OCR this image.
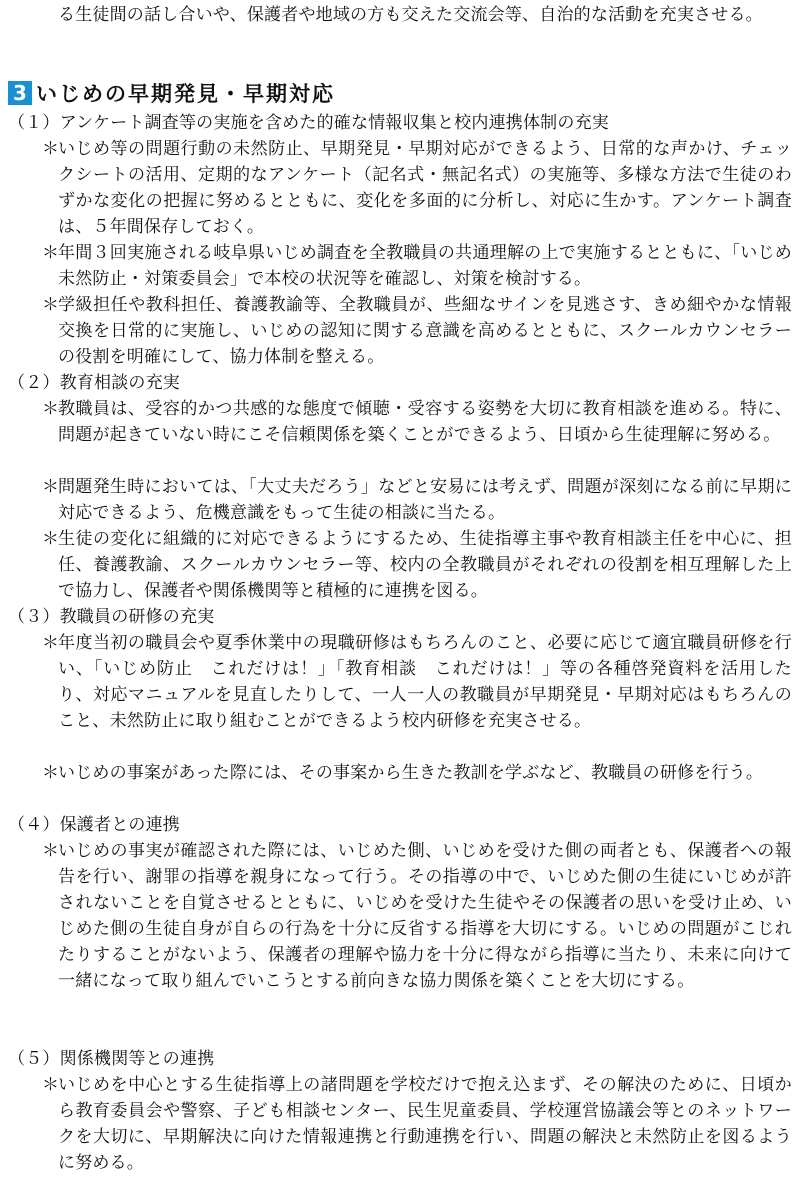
る生徒間の話し合いや、保護者や地域の方も交えた交流会等、自治的な活動を充実させる。
3 いじめの早期発見・早期対応
（１）アンケート調査等の実施を含めた的確な情報収集と校内連携体制の充実
＊ いじめ等の問題行動の未然防止、早期発見・早期対応ができるよう、日常的な声かけ、チェックシートの活用、定期的なアンケート（記名式・無記名式）の実施等、多様な方法で生徒のわずかな変化の把握に努めるとともに、変化を多面的に分析し、対応に生かす。アンケート調査は、５年間保存しておく。
＊ 年間３回実施される岐阜県いじめ調査を全教職員の共通理解の上で実施するとともに、「いじめ未然防止・対策委員会」で本校の状況等を確認し、対策を検討する。
＊ 学級担任や教科担任、養護教諭等、全教職員が、些細なサインを見逃さす、きめ細やかな情報交換を日常的に実施し、いじめの認知に関する意識を高めるとともに、スクールカウンセラーの役割を明確にして、協力体制を整える。
（２）教育相談の充実
＊ 教職員は、受容的かつ共感的な態度で傾聴・受容する姿勢を大切に教育相談を進める。特に、問題が起きていない時にこそ信頼関係を築くことができるよう、日頃から生徒理解に努める。
＊ 問題発生時においては、「大丈夫だろう」などと安易には考えず、問題が深刻になる前に早期に対応できるよう、危機意識をもって生徒の相談に当たる。
＊ 生徒の変化に組織的に対応できるようにするため、生徒指導主事や教育相談主任を中心に、担任、養護教諭、スクールカウンセラー等、校内の全教職員がそれぞれの役割を相互理解した上で協力し、保護者や関係機関等と積極的に連携を図る。
（３）教職員の研修の充実
＊ 年度当初の職員会や夏季休業中の現職研修はもちろんのこと、必要に応じて適宜職員研修を行い、「いじめ防止　これだけは！」「教育相談　これだけは！」等の各種啓発資料を活用したり、対応マニュアルを見直したりして、一人一人の教職員が早期発見・早期対応はもちろんのこと、未然防止に取り組むことができるよう校内研修を充実させる。
＊ いじめの事案があった際には、その事案から生きた教訓を学ぶなど、教職員の研修を行う。
（４）保護者との連携
＊ いじめの事実が確認された際には、いじめた側、いじめを受けた側の両者とも、保護者への報告を行い、謝罪の指導を親身になって行う。その指導の中で、いじめた側の生徒にいじめが許されないことを自覚させるとともに、いじめを受けた生徒やその保護者の思いを受け止め、いじめた側の生徒自身が自らの行為を十分に反省する指導を大切にする。いじめの問題がこじれたりすることがないよう、保護者の理解や協力を十分に得ながら指導に当たり、未来に向けて一緒になって取り組んでいこうとする前向きな協力関係を築くことを大切にする。
（５）関係機関等との連携
＊ いじめを中心とする生徒指導上の諸問題を学校だけで抱え込まず、その解決のために、日頃から教育委員会や警察、子ども相談センター、民生児童委員、学校運営協議会等とのネットワークを大切に、早期解決に向けた情報連携と行動連携を行い、問題の解決と未然防止を図るように努める。
